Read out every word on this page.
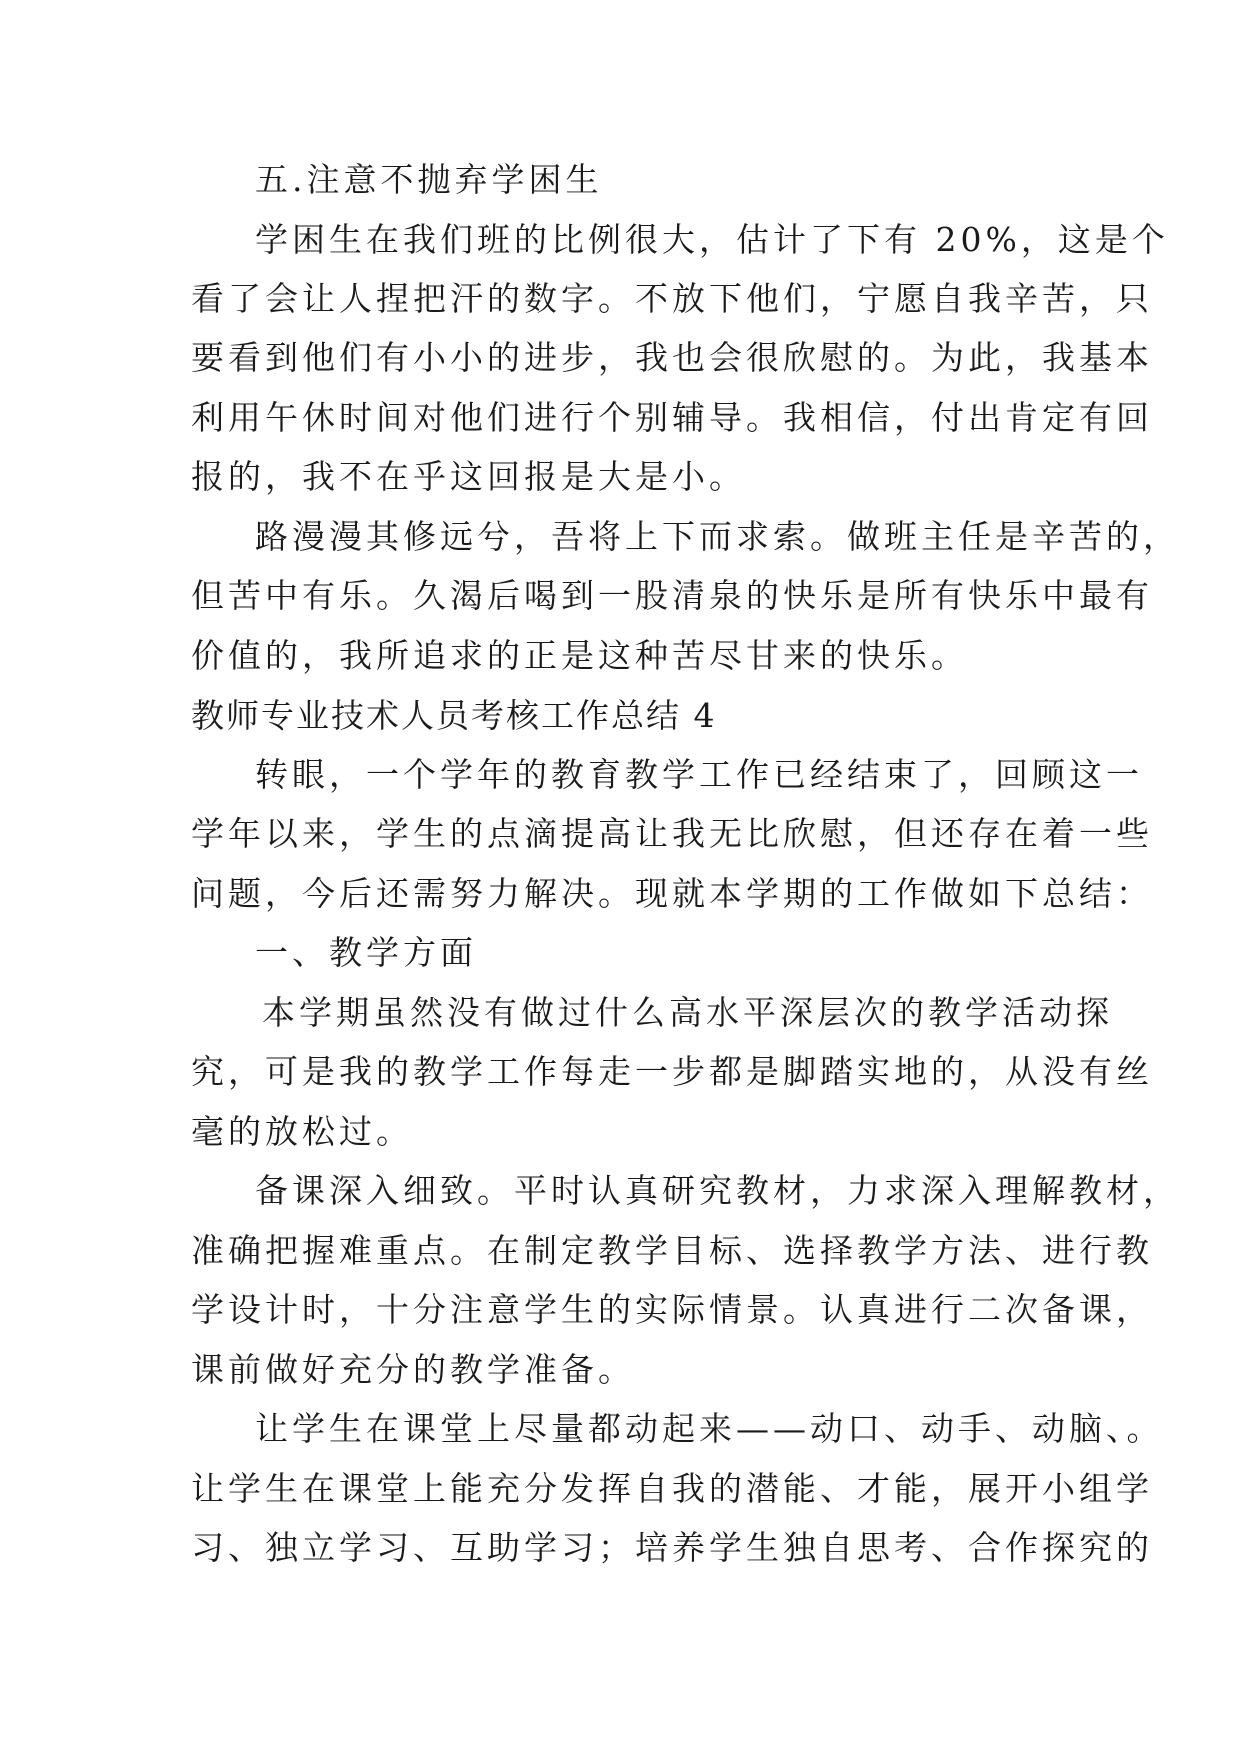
五.注意不抛弃学困生
学困生在我们班的比例很大，估计了下有 20%，这是个
看了会让人捏把汗的数字。不放下他们，宁愿自我辛苦，只
要看到他们有小小的进步，我也会很欣慰的。为此，我基本
利用午休时间对他们进行个别辅导。我相信，付出肯定有回
报的，我不在乎这回报是大是小。
路漫漫其修远兮，吾将上下而求索。做班主任是辛苦的，
但苦中有乐。久渴后喝到一股清泉的快乐是所有快乐中最有
价值的，我所追求的正是这种苦尽甘来的快乐。
教师专业技术人员考核工作总结 4
转眼，一个学年的教育教学工作已经结束了，回顾这一
学年以来，学生的点滴提高让我无比欣慰，但还存在着一些
问题，今后还需努力解决。现就本学期的工作做如下总结：
一、教学方面
本学期虽然没有做过什么高水平深层次的教学活动探
究，可是我的教学工作每走一步都是脚踏实地的，从没有丝
毫的放松过。
备课深入细致。平时认真研究教材，力求深入理解教材，
准确把握难重点。在制定教学目标、选择教学方法、进行教
学设计时，十分注意学生的实际情景。认真进行二次备课，
课前做好充分的教学准备。
让学生在课堂上尽量都动起来——动口、动手、动脑、。
让学生在课堂上能充分发挥自我的潜能、才能，展开小组学
习、独立学习、互助学习；培养学生独自思考、合作探究的
